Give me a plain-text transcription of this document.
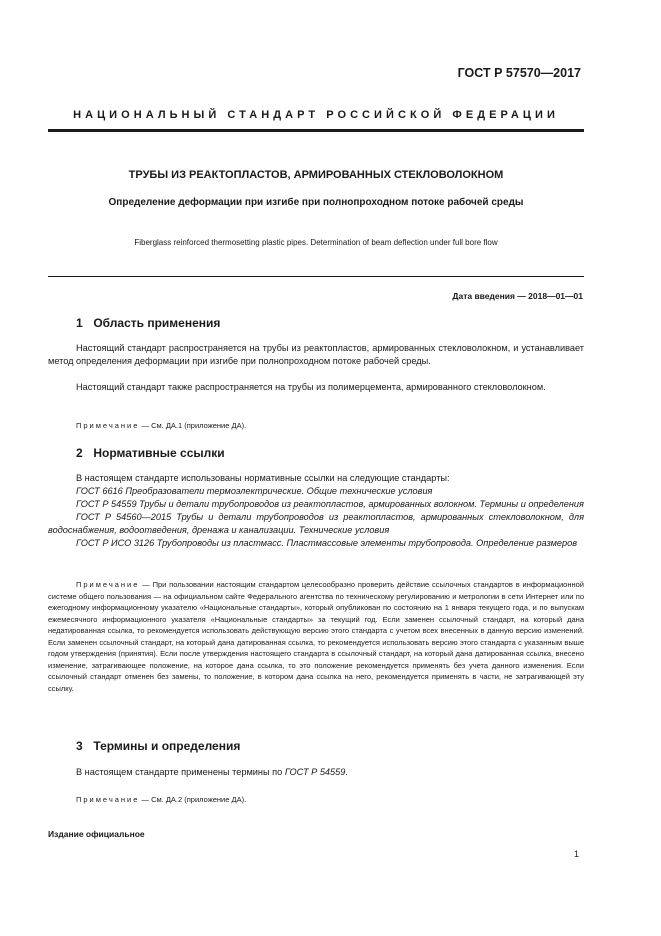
ГОСТ Р 57570—2017
НАЦИОНАЛЬНЫЙ СТАНДАРТ РОССИЙСКОЙ ФЕДЕРАЦИИ
ТРУБЫ ИЗ РЕАКТОПЛАСТОВ, АРМИРОВАННЫХ СТЕКЛОВОЛОКНОМ
Определение деформации при изгибе при полнопроходном потоке рабочей среды
Fiberglass reinforced thermosetting plastic pipes. Determination of beam deflection under full bore flow
Дата введения — 2018—01—01
1 Область применения

Настоящий стандарт распространяется на трубы из реактопластов, армированных стекловолокном, и устанавливает метод определения деформации при изгибе при полнопроходном потоке рабочей среды.

Настоящий стандарт также распространяется на трубы из полимерцемента, армированного стекловолокном.

Примечание — См. ДА.1 (приложение ДА).

2 Нормативные ссылки
В настоящем стандарте использованы нормативные ссылки на следующие стандарты:
ГОСТ 6616 Преобразователи термоэлектрические. Общие технические условия
ГОСТ Р 54559 Трубы и детали трубопроводов из реактопластов, армированных волокном. Термины и определения
ГОСТ Р 54560—2015 Трубы и детали трубопроводов из реактопластов, армированных стекловолокном, для водоснабжения, водоотведения, дренажа и канализации. Технические условия
ГОСТ Р ИСО 3126 Трубопроводы из пластмасс. Пластмассовые элементы трубопровода. Определение размеров

Примечание — При пользовании настоящим стандартом целесообразно проверить действие ссылочных стандартов в информационной системе общего пользования — на официальном сайте Федерального агентства по техническому регулированию и метрологии в сети Интернет или по ежегодному информационному указателю «Национальные стандарты», который опубликован по состоянию на 1 января текущего года, и по выпускам ежемесячного информационного указателя «Национальные стандарты» за текущий год. Если заменен ссылочный стандарт, на который дана недатированная ссылка, то рекомендуется использовать действующую версию этого стандарта с учетом всех внесенных в данную версию изменений. Если заменен ссылочный стандарт, на который дана датированная ссылка, то рекомендуется использовать версию этого стандарта с указанным выше годом утверждения (принятия). Если после утверждения настоящего стандарта в ссылочный стандарт, на который дана датированная ссылка, внесено изменение, затрагивающее положение, на которое дана ссылка, то это положение рекомендуется применять без учета данного изменения. Если ссылочный стандарт отменен без замены, то положение, в котором дана ссылка на него, рекомендуется применять в части, не затрагивающей эту ссылку.

3 Термины и определения

В настоящем стандарте применены термины по ГОСТ Р 54559.

Примечание — См. ДА.2 (приложение ДА).

Издание официальное
1
